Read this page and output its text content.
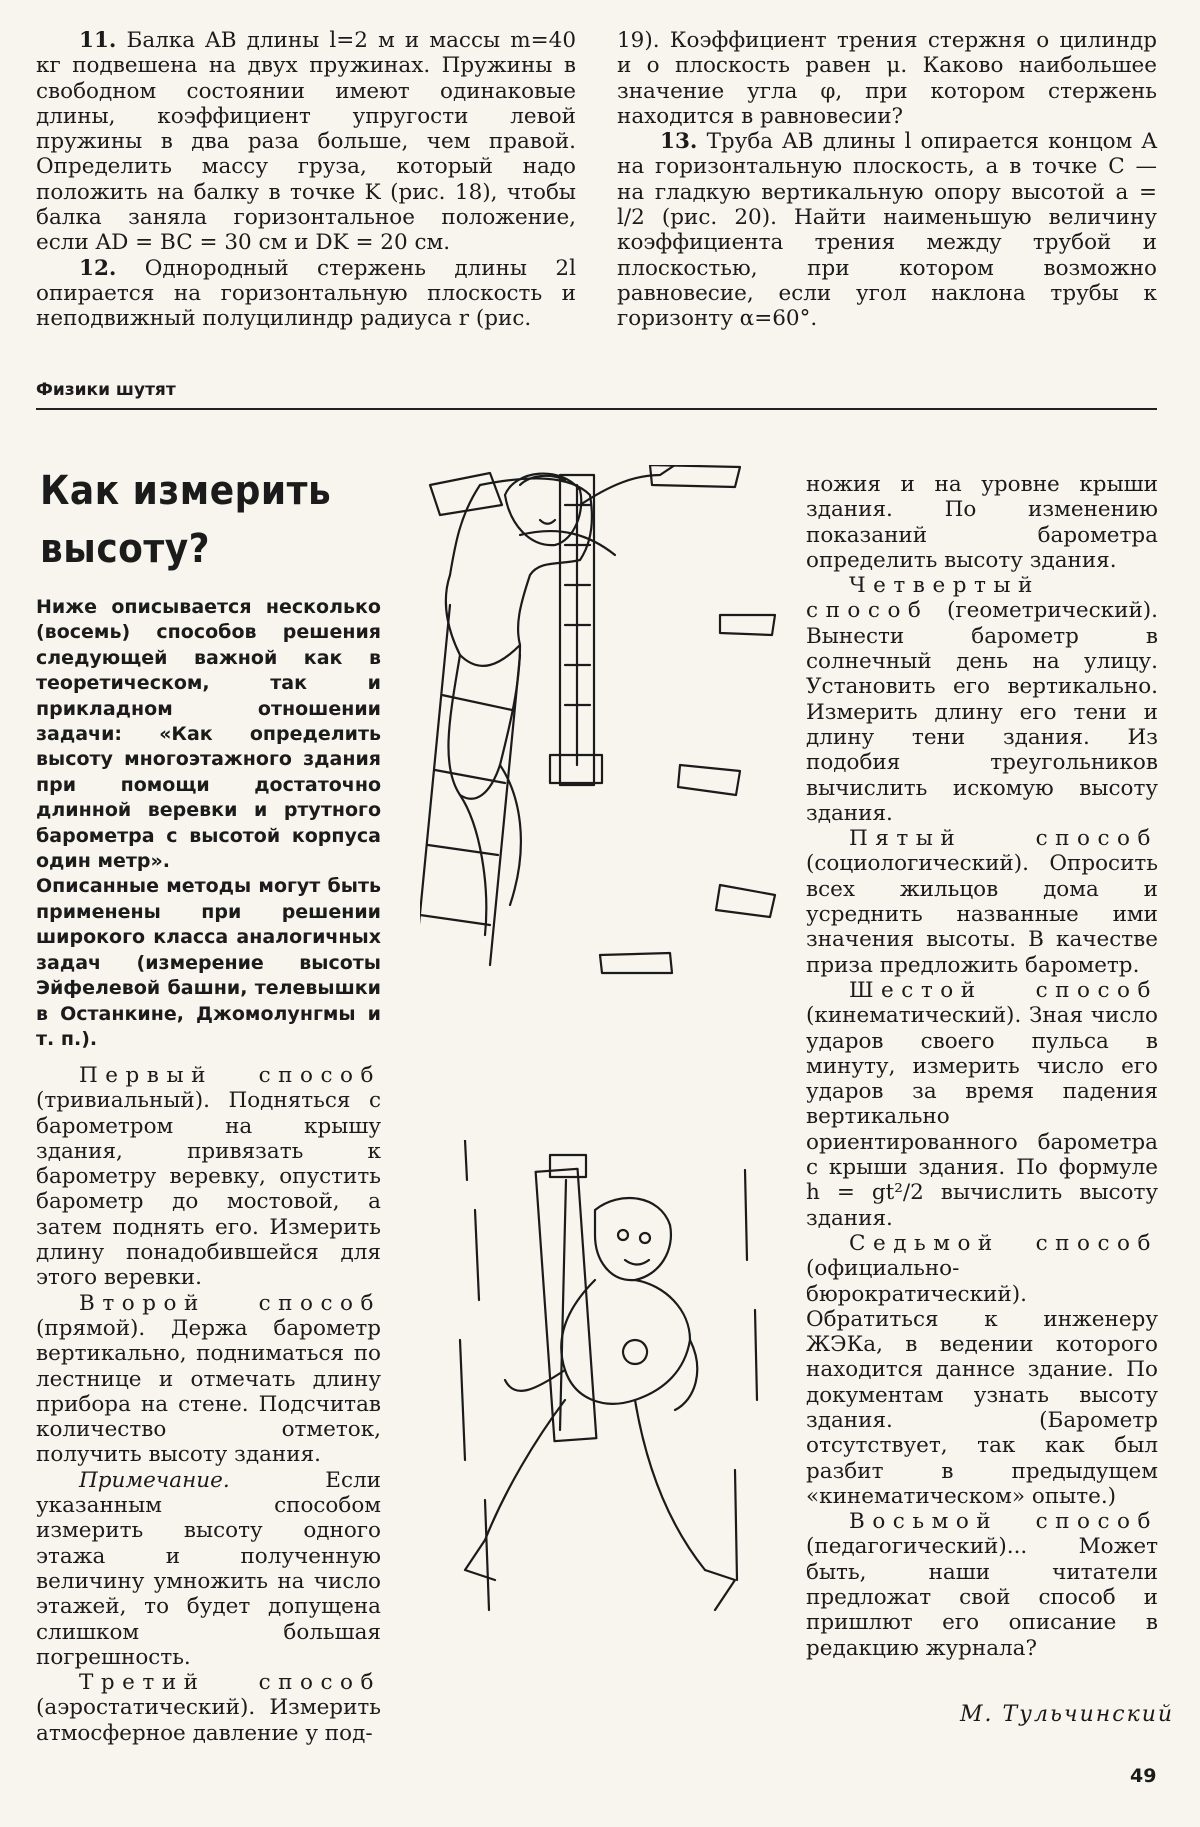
11. Балка AB длины l=2 м и массы m=40 кг подвешена на двух пружинах. Пружины в свободном состоянии имеют одинаковые длины, коэффициент упругости левой пружины в два раза больше, чем правой. Определить массу груза, который надо положить на балку в точке K (рис. 18), чтобы балка заняла горизонтальное положение, если AD = BC = 30 см и DK = 20 см.

12. Однородный стержень длины 2l опирается на горизонтальную плоскость и неподвижный полуцилиндр радиуса r (рис.

19). Коэффициент трения стержня о цилиндр и о плоскость равен μ. Каково наибольшее значение угла φ, при котором стержень находится в равновесии?

13. Труба AB длины l опирается концом A на горизонтальную плоскость, а в точке C — на гладкую вертикальную опору высотой a = l/2 (рис. 20). Найти наименьшую величину коэффициента трения между трубой и плоскостью, при котором возможно равновесие, если угол наклона трубы к горизонту α=60°.

Физики шутят
Как измерить
высоту?

Ниже описывается несколько (восемь) способов решения следующей важной как в теоретическом, так и прикладном отношении задачи: «Как определить высоту многоэтажного здания при помощи достаточно длинной веревки и ртутного барометра с высотой корпуса один метр».

Описанные методы могут быть применены при решении широкого класса аналогичных задач (измерение высоты Эйфелевой башни, телевышки в Останкине, Джомолунгмы и т. п.).

Первый способ (тривиальный). Подняться с барометром на крышу здания, привязать к барометру веревку, опустить барометр до мостовой, а затем поднять его. Измерить длину понадобившейся для этого веревки.

Второй способ (прямой). Держа барометр вертикально, подниматься по лестнице и отмечать длину прибора на стене. Подсчитав количество отметок, получить высоту здания.

Примечание.	Если указанным способом измерить высоту одного этажа и полученную величину умножить на число этажей, то будет допущена слишком большая погрешность.

Третий способ (аэростатический). Измерить атмосферное давление у под-

ножия и на уровне крыши здания. По изменению показаний барометра определить высоту здания.

Четвертый способ (геометрический). Вынести барометр в солнечный день на улицу. Установить его вертикально. Измерить длину его тени и длину тени здания. Из подобия треугольников вычислить искомую высоту здания.

Пятый способ (социологический). Опросить всех жильцов дома и усреднить названные ими значения высоты. В качестве приза предложить барометр.

Шестой способ (кинематический). Зная число ударов своего пульса в минуту, измерить число его ударов за время падения вертикально ориентированного барометра с крыши здания. По формуле h = gt²/2 вычислить высоту здания.

Седьмой способ (официально-бюрократический). Обратиться к инженеру ЖЭКа, в ведении которого находится даннсе здание. По документам узнать высоту здания. (Барометр отсутствует, так как был разбит в предыдущем «кинематическом» опыте.)

Восьмой способ (педагогический)... Может быть, наши читатели предложат свой способ и пришлют его описание в редакцию журнала?

М. Тульчинский
49
